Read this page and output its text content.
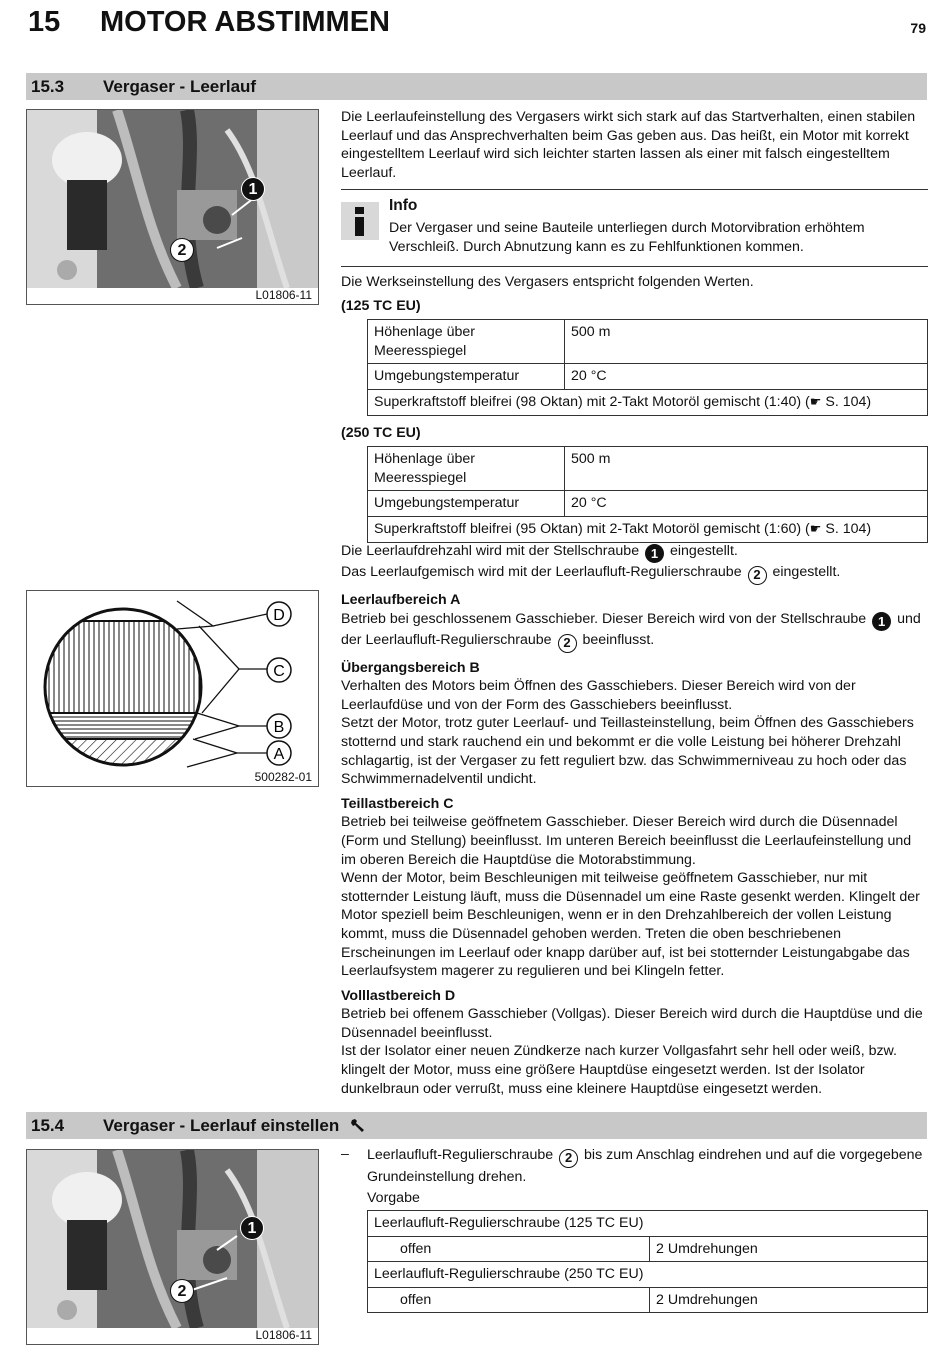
15 MOTOR ABSTIMMEN	79
15.3 Vergaser - Leerlauf
1
2
L01806-11

Die Leerlaufeinstellung des Vergasers wirkt sich stark auf das Startverhalten, einen stabilen Leerlauf und das Ansprechverhalten beim Gas geben aus. Das heißt, ein Motor mit korrekt eingestelltem Leerlauf wird sich leichter starten lassen als einer mit falsch eingestelltem Leerlauf.

Info
Der Vergaser und seine Bauteile unterliegen durch Motorvibration erhöhtem Verschleiß. Durch Abnutzung kann es zu Fehlfunktionen kommen.

Die Werkseinstellung des Vergasers entspricht folgenden Werten.

(125 TC EU)

Höhenlage über Meeresspiegel	500 m
Umgebungstemperatur	20 °C
Superkraftstoff bleifrei (98 Oktan) mit 2-Takt Motoröl gemischt (1:40) (☛ S. 104)	

(250 TC EU)

Höhenlage über Meeresspiegel	500 m
Umgebungstemperatur	20 °C
Superkraftstoff bleifrei (95 Oktan) mit 2-Takt Motoröl gemischt (1:60) (☛ S. 104)	
D
C
B
A
500282-01

Die Leerlaufdrehzahl wird mit der Stellschraube 1 eingestellt.

Das Leerlaufgemisch wird mit der Leerlaufluft-Regulierschraube 2 eingestellt.

Leerlaufbereich A

Betrieb bei geschlossenem Gasschieber. Dieser Bereich wird von der Stellschraube 1 und der Leerlaufluft-Regulierschraube 2 beeinflusst.

Übergangsbereich B

Verhalten des Motors beim Öffnen des Gasschiebers. Dieser Bereich wird von der Leerlaufdüse und von der Form des Gasschiebers beeinflusst.

Setzt der Motor, trotz guter Leerlauf- und Teillasteinstellung, beim Öffnen des Gasschiebers stotternd und stark rauchend ein und bekommt er die volle Leistung bei höherer Drehzahl schlagartig, ist der Vergaser zu fett reguliert bzw. das Schwimmerniveau zu hoch oder das Schwimmernadelventil undicht.

Teillastbereich C

Betrieb bei teilweise geöffnetem Gasschieber. Dieser Bereich wird durch die Düsennadel (Form und Stellung) beeinflusst. Im unteren Bereich beeinflusst die Leerlaufeinstellung und im oberen Bereich die Hauptdüse die Motorabstimmung.

Wenn der Motor, beim Beschleunigen mit teilweise geöffnetem Gasschieber, nur mit stotternder Leistung läuft, muss die Düsennadel um eine Raste gesenkt werden. Klingelt der Motor speziell beim Beschleunigen, wenn er in den Drehzahlbereich der vollen Leistung kommt, muss die Düsennadel gehoben werden. Treten die oben beschriebenen Erscheinungen im Leerlauf oder knapp darüber auf, ist bei stotternder Leistungabgabe das Leerlaufsystem magerer zu regulieren und bei Klingeln fetter.

Volllastbereich D

Betrieb bei offenem Gasschieber (Vollgas). Dieser Bereich wird durch die Hauptdüse und die Düsennadel beeinflusst.

Ist der Isolator einer neuen Zündkerze nach kurzer Vollgasfahrt sehr hell oder weiß, bzw. klingelt der Motor, muss eine größere Hauptdüse eingesetzt werden. Ist der Isolator dunkelbraun oder verrußt, muss eine kleinere Hauptdüse eingesetzt werden.

15.4 Vergaser - Leerlauf einstellen
1
2
L01806-11
– Leerlaufluft-Regulierschraube 2 bis zum Anschlag eindrehen und auf die vorgegebene Grundeinstellung drehen.
Vorgabe
Leerlaufluft-Regulierschraube (125 TC EU)	
offen	2 Umdrehungen
Leerlaufluft-Regulierschraube (250 TC EU)	
offen	2 Umdrehungen
